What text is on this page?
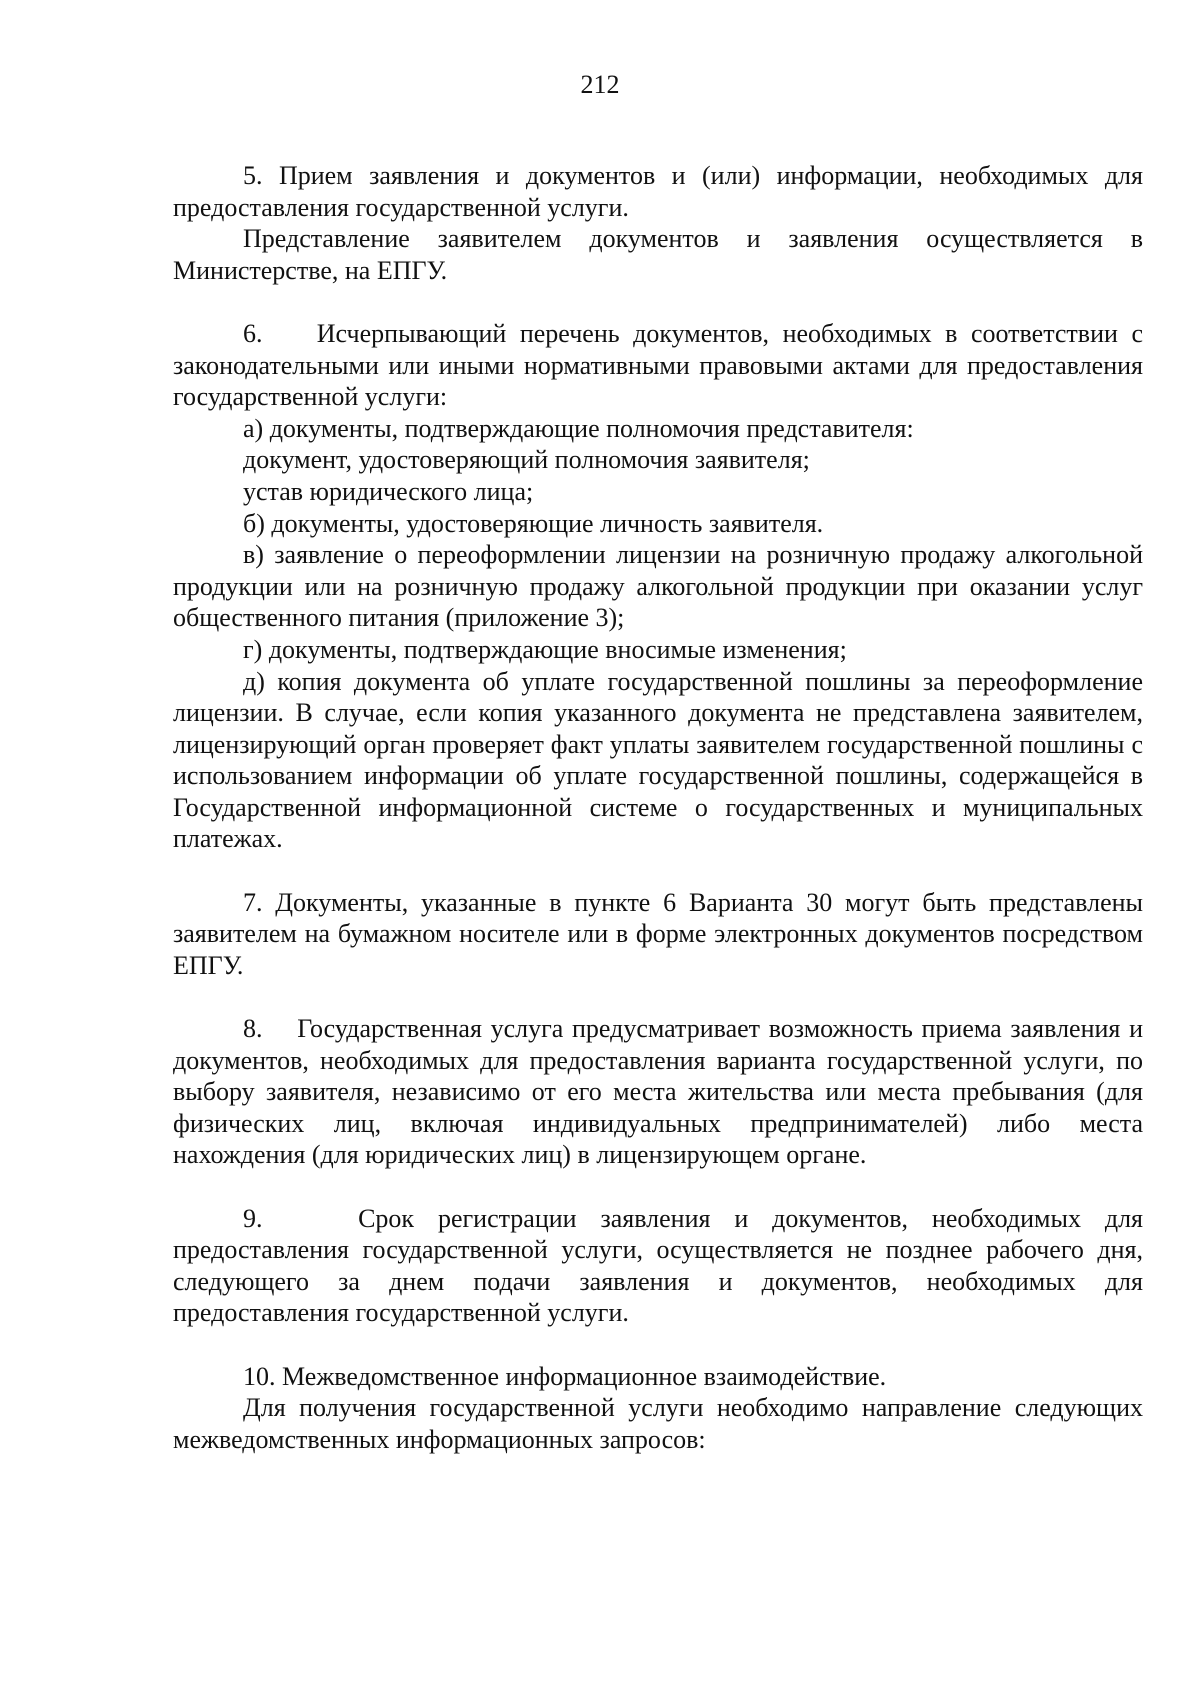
212

5. Прием заявления и документов и (или) информации, необходимых для предоставления государственной услуги.

Представление заявителем документов и заявления осуществляется в Министерстве, на ЕПГУ.

6.    Исчерпывающий перечень документов, необходимых в соответствии с законодательными или иными нормативными правовыми актами для предоставления государственной услуги:

а) документы, подтверждающие полномочия представителя:

документ, удостоверяющий полномочия заявителя;

устав юридического лица;

б) документы, удостоверяющие личность заявителя.

в) заявление о переоформлении лицензии на розничную продажу алкогольной продукции или на розничную продажу алкогольной продукции при оказании услуг общественного питания (приложение 3);

г) документы, подтверждающие вносимые изменения;

д) копия документа об уплате государственной пошлины за переоформление лицензии. В случае, если копия указанного документа не представлена заявителем, лицензирующий орган проверяет факт уплаты заявителем государственной пошлины с использованием информации об уплате государственной пошлины, содержащейся в Государственной информационной системе о государственных и муниципальных платежах.

7. Документы, указанные в пункте 6 Варианта 30 могут быть представлены заявителем на бумажном носителе или в форме электронных документов посредством ЕПГУ.

8.    Государственная услуга предусматривает возможность приема заявления и документов, необходимых для предоставления варианта государственной услуги, по выбору заявителя, независимо от его места жительства или места пребывания (для физических лиц, включая индивидуальных предпринимателей) либо места нахождения (для юридических лиц) в лицензирующем органе.

9.    Срок регистрации заявления и документов, необходимых для предоставления государственной услуги, осуществляется не позднее рабочего дня, следующего за днем подачи заявления и документов, необходимых для предоставления государственной услуги.

10. Межведомственное информационное взаимодействие.

Для получения государственной услуги необходимо направление следующих межведомственных информационных запросов:
